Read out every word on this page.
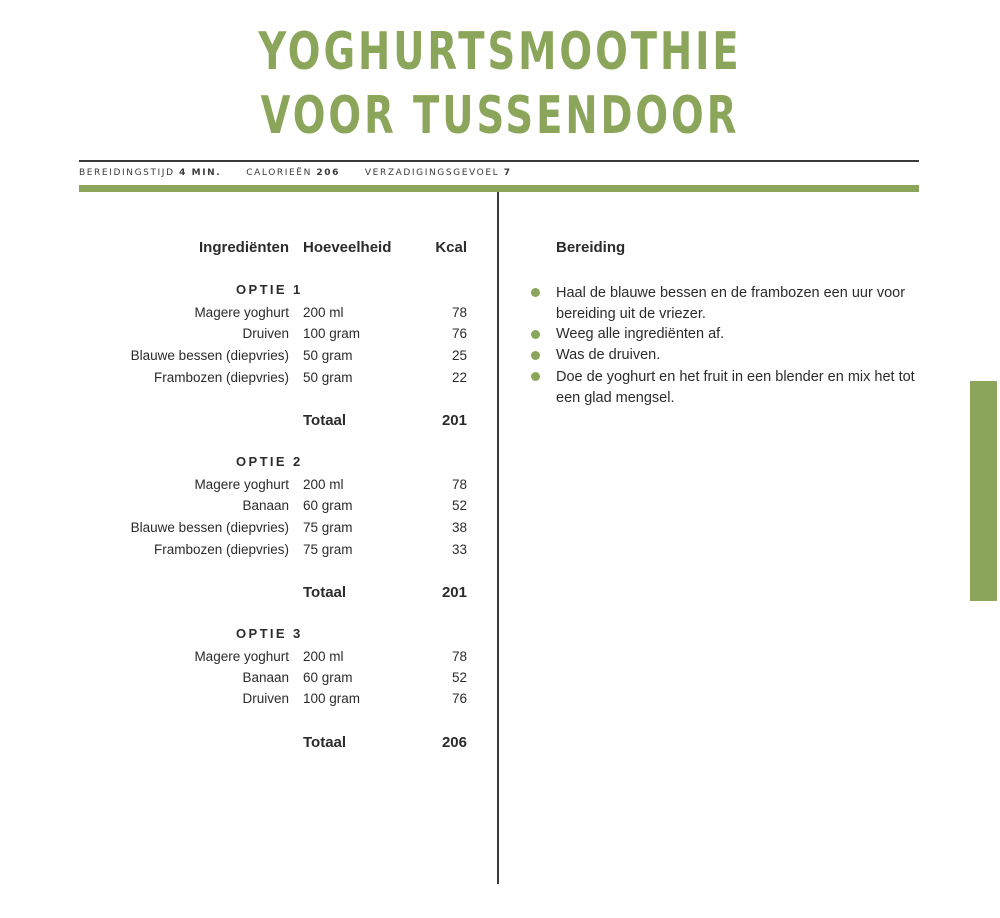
YOGHURTSMOOTHIE
VOOR TUSSENDOOR
BEREIDINGSTIJD 4 MIN.	CALORIEËN 206	VERZADIGINGSGEVOEL 7
Ingrediënten Hoeveelheid	Kcal
OPTIE 1
Magere yoghurt 200 ml	78
Druiven 100 gram	76
Blauwe bessen (diepvries) 50 gram	25
Frambozen (diepvries) 50 gram	22
Totaal	201
OPTIE 2
Magere yoghurt 200 ml	78
Banaan 60 gram	52
Blauwe bessen (diepvries) 75 gram	38
Frambozen (diepvries) 75 gram	33
Totaal	201
OPTIE 3
Magere yoghurt 200 ml	78
Banaan 60 gram	52
Druiven 100 gram	76
Totaal	206
Bereiding
Haal de blauwe bessen en de frambozen een uur voor bereiding uit de vriezer.
Weeg alle ingrediënten af.
Was de druiven.
Doe de yoghurt en het fruit in een blender en mix het tot een glad mengsel.
